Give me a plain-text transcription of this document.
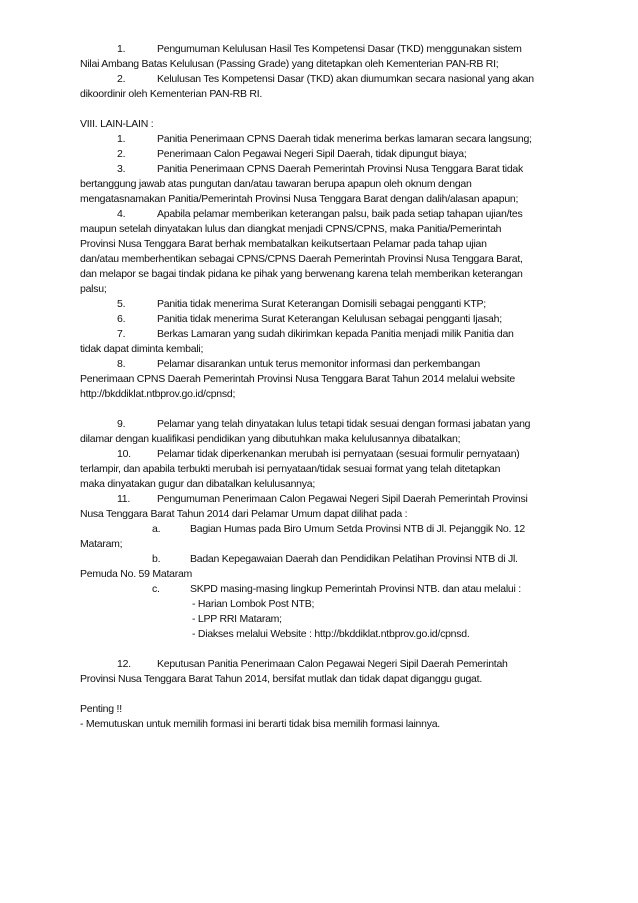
1.	Pengumuman Kelulusan Hasil Tes Kompetensi Dasar (TKD) menggunakan sistem
Nilai Ambang Batas Kelulusan (Passing Grade) yang ditetapkan oleh Kementerian PAN-RB RI;
2.	Kelulusan Tes Kompetensi Dasar (TKD) akan diumumkan secara nasional yang akan
dikoordinir oleh Kementerian PAN-RB RI.
VIII. LAIN-LAIN :
1.	Panitia Penerimaan CPNS Daerah tidak menerima berkas lamaran secara langsung;
2.	Penerimaan Calon Pegawai Negeri Sipil Daerah, tidak dipungut biaya;
3.	Panitia Penerimaan CPNS Daerah Pemerintah Provinsi Nusa Tenggara Barat tidak
bertanggung jawab atas pungutan dan/atau tawaran berupa apapun oleh oknum dengan
mengatasnamakan Panitia/Pemerintah Provinsi Nusa Tenggara Barat dengan dalih/alasan apapun;
4.	Apabila pelamar memberikan keterangan palsu, baik pada setiap tahapan ujian/tes
maupun setelah dinyatakan lulus dan diangkat menjadi CPNS/CPNS, maka Panitia/Pemerintah
Provinsi Nusa Tenggara Barat berhak membatalkan keikutsertaan Pelamar pada tahap ujian
dan/atau memberhentikan sebagai CPNS/CPNS Daerah Pemerintah Provinsi Nusa Tenggara Barat,
dan melapor se bagai tindak pidana ke pihak yang berwenang karena telah memberikan keterangan
palsu;
5.	Panitia tidak menerima Surat Keterangan Domisili sebagai pengganti KTP;
6.	Panitia tidak menerima Surat Keterangan Kelulusan sebagai pengganti Ijasah;
7.	Berkas Lamaran yang sudah dikirimkan kepada Panitia menjadi milik Panitia dan
tidak dapat diminta kembali;
8.	Pelamar disarankan untuk terus memonitor informasi dan perkembangan
Penerimaan CPNS Daerah Pemerintah Provinsi Nusa Tenggara Barat Tahun 2014 melalui website
http://bkddiklat.ntbprov.go.id/cpnsd;
9.	Pelamar yang telah dinyatakan lulus tetapi tidak sesuai dengan formasi jabatan yang
dilamar dengan kualifikasi pendidikan yang dibutuhkan maka kelulusannya dibatalkan;
10. Pelamar tidak diperkenankan merubah isi pernyataan (sesuai formulir pernyataan)
terlampir, dan apabila terbukti merubah isi pernyataan/tidak sesuai format yang telah ditetapkan
maka dinyatakan gugur dan dibatalkan kelulusannya;
11.	Pengumuman Penerimaan Calon Pegawai Negeri Sipil Daerah Pemerintah Provinsi
Nusa Tenggara Barat Tahun 2014 dari Pelamar Umum dapat dilihat pada :
a.	Bagian Humas pada Biro Umum Setda Provinsi NTB di Jl. Pejanggik No. 12
Mataram;
b.	Badan Kepegawaian Daerah dan Pendidikan Pelatihan Provinsi NTB di Jl.
Pemuda No. 59 Mataram
c.	SKPD masing-masing lingkup Pemerintah Provinsi NTB. dan atau melalui :
- Harian Lombok Post NTB;
- LPP RRI Mataram;
- Diakses melalui Website : http://bkddiklat.ntbprov.go.id/cpnsd.
12. Keputusan Panitia Penerimaan Calon Pegawai Negeri Sipil Daerah Pemerintah
Provinsi Nusa Tenggara Barat Tahun 2014, bersifat mutlak dan tidak dapat diganggu gugat.
Penting !!
- Memutuskan untuk memilih formasi ini berarti tidak bisa memilih formasi lainnya.
